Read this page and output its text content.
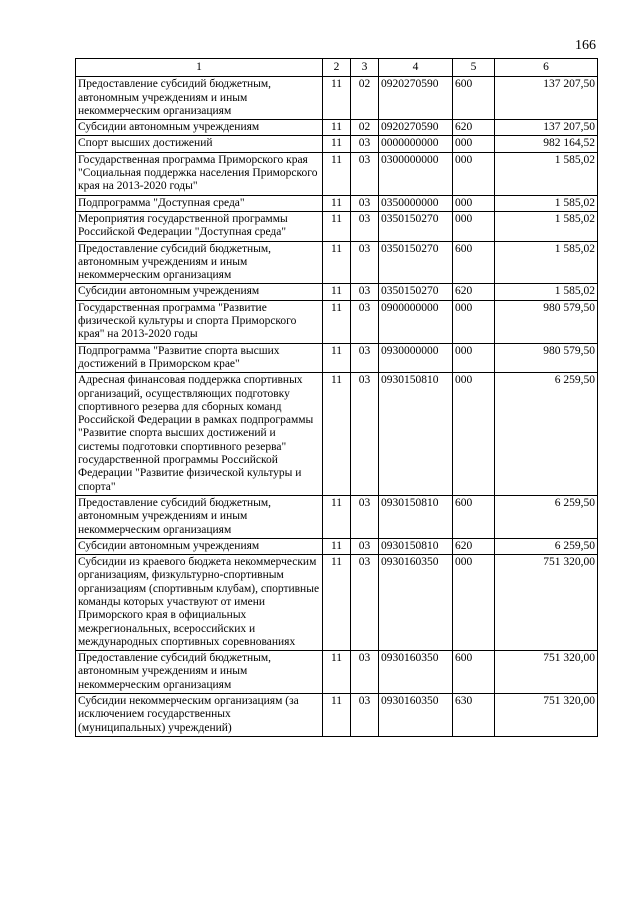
166
1	2	3	4	5	6
Предоставление субсидий бюджетным, автономным учреждениям и иным некоммерческим организациям	11	02	0920270590	600	137 207,50
Субсидии автономным учреждениям	11	02	0920270590	620	137 207,50
Спорт высших достижений	11	03	0000000000	000	982 164,52
Государственная программа Приморского края "Социальная поддержка населения Приморского края на 2013-2020 годы"	11	03	0300000000	000	1 585,02
Подпрограмма "Доступная среда"	11	03	0350000000	000	1 585,02
Мероприятия государственной программы Российской Федерации "Доступная среда"	11	03	0350150270	000	1 585,02
Предоставление субсидий бюджетным, автономным учреждениям и иным некоммерческим организациям	11	03	0350150270	600	1 585,02
Субсидии автономным учреждениям	11	03	0350150270	620	1 585,02
Государственная программа "Развитие физической культуры и спорта Приморского края" на 2013-2020 годы	11	03	0900000000	000	980 579,50
Подпрограмма "Развитие спорта высших достижений в Приморском крае"	11	03	0930000000	000	980 579,50
Адресная финансовая поддержка спортивных организаций, осуществляющих подготовку спортивного резерва для сборных команд Российской Федерации в рамках подпрограммы "Развитие спорта высших достижений и системы подготовки спортивного резерва" государственной программы Российской Федерации "Развитие физической культуры и спорта"	11	03	0930150810	000	6 259,50
Предоставление субсидий бюджетным, автономным учреждениям и иным некоммерческим организациям	11	03	0930150810	600	6 259,50
Субсидии автономным учреждениям	11	03	0930150810	620	6 259,50
Субсидии из краевого бюджета некоммерческим организациям, физкультурно-спортивным организациям (спортивным клубам), спортивные команды которых участвуют от имени Приморского края в официальных межрегиональных, всероссийских и международных спортивных соревнованиях	11	03	0930160350	000	751 320,00
Предоставление субсидий бюджетным, автономным учреждениям и иным некоммерческим организациям	11	03	0930160350	600	751 320,00
Субсидии некоммерческим организациям (за исключением государственных (муниципальных) учреждений)	11	03	0930160350	630	751 320,00
